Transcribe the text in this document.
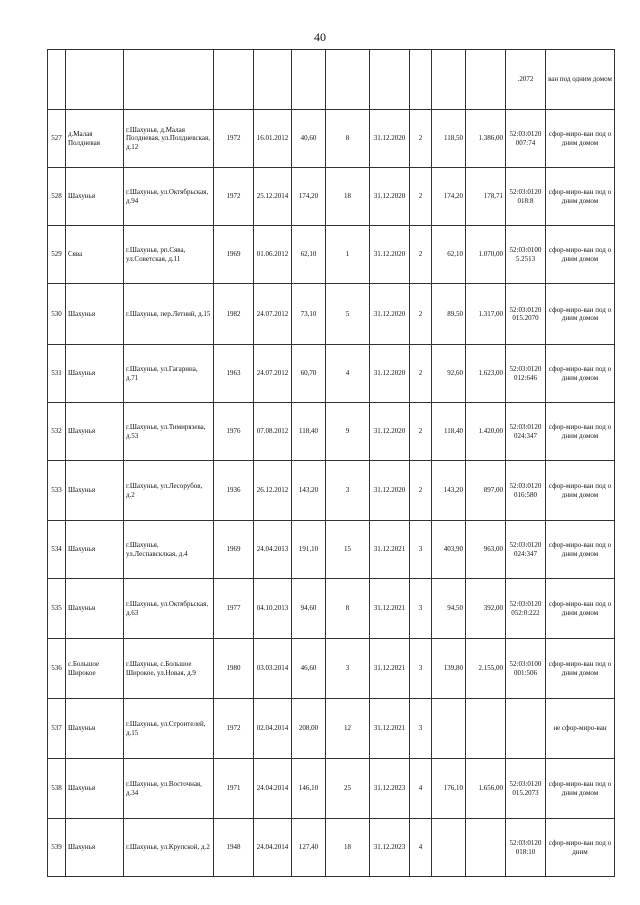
40
											.2072	ван под одним домом
527	д.Малая Полдневая	г.Шахунья, д.Малая Полдневая, ул.Полдневская, д.12	1972	16.01.2012	40,60	8	31.12.2020	2	118,50	1.386,00	52:03:0120007:74	сфор-миро-ван под одним домом
528	Шахунья	г.Шахунья, ул.Октябрьская, д.94	1972	25.12.2014	174,20	18	31.12.2020	2	174,20	178,71	52:03:0120018:8	сфор-миро-ван под одним домом
529	Сява	г.Шахунья, рп.Сява, ул.Советская, д.11	1969	01.06.2012	62,10	1	31.12.2020	2	62,10	1.070,00	52:03:01005.2513	сфор-миро-ван под одним домом
530	Шахунья	г.Шахунья, пер.Летний, д.15	1982	24.07.2012	73,10	5	31.12.2020	2	89,50	1.317,00	52:03:0120015.2070	сфор-миро-ван под одним домом
531	Шахунья	г.Шахунья, ул.Гагарина, д.71	1963	24.07.2012	60,70	4	31.12.2020	2	92,60	1.623,00	52:03:0120012:646	сфор-миро-ван под одним домом
532	Шахунья	г.Шахунья, ул.Тимирязева, д.53	1976	07.08.2012	118,40	9	31.12.2020	2	118,40	1.420,00	52:03:0120024:347	сфор-миро-ван под одним домом
533	Шахунья	г.Шахунья, ул.Лесорубов, д.2	1936	26.12.2012	143,20	3	31.12.2020	2	143,20	897,00	52:03:0120016:580	сфор-миро-ван под одним домом
534	Шахунья	г.Шахунья, ул.Леспавсклкая, д.4	1969	24.04.2013	191,10	15	31.12.2021	3	403,90	963,00	52:03:0120024:347	сфор-миро-ван под одним домом
535	Шахунья	г.Шахунья, ул.Октябрьская, д.63	1977	04.10.2013	94,60	8	31.12.2021	3	94,50	392,00	52:03:0120052:0:222	сфор-миро-ван под одним домом
536	с.Большое Широкое	г.Шахунья, с.Большое Широкое, ул.Новая, д.9	1980	03.03.2014	46,60	3	31.12.2021	3	139,80	2.155,00	52:03:0100001:506	сфор-миро-ван под одним домом
537	Шахунья	г.Шахунья, ул.Строителей, д.15	1972	02.04.2014	208,00	12	31.12.2021	3				не сфор-миро-ван
538	Шахунья	г.Шахунья, ул.Восточная, д.34	1971	24.04.2014	146,10	25	31.12.2023	4	176,10	1.656,00	52:03:0120015.2073	сфор-миро-ван под одним домом
539	Шахунья	г.Шахунья, ул.Крупской, д.2	1948	24.04.2014	127,40	18	31.12.2023	4			52:03:0120018:10	сфор-миро-ван под одним
